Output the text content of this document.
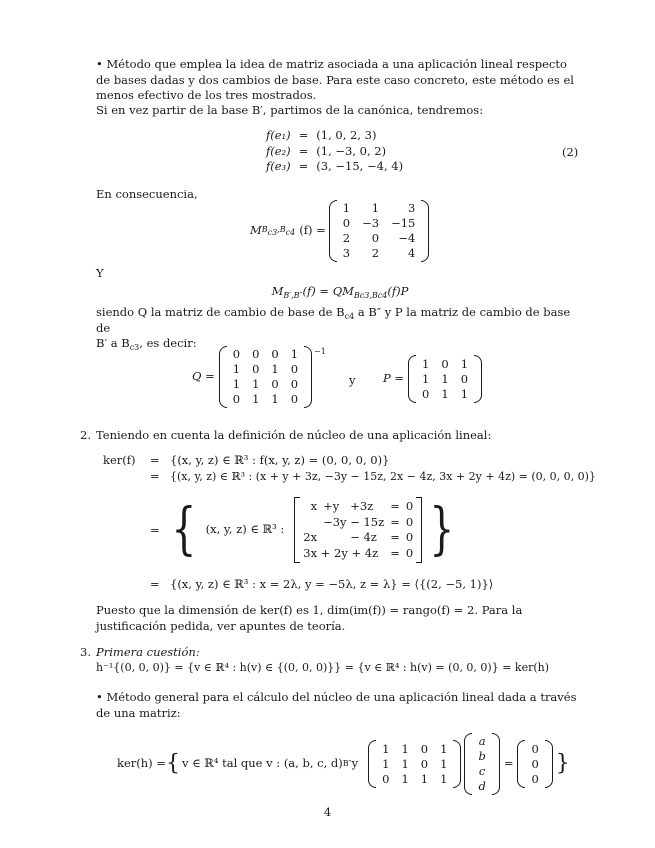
• Método que emplea la idea de matriz asociada a una aplicación lineal respecto de bases dadas y dos cambios de base. Para este caso concreto, este método es el menos efectivo de los tres mostrados.
Si en vez partir de la base B′, partimos de la canónica, tendremos:
f(e₁)	=	(1, 0, 2, 3)
f(e₂)	=	(1, −3, 0, 2)
f(e₃)	=	(3, −15, −4, 4)
(2)
En consecuencia,
M $B_{c3},B_{c4}$ (f) =
1	1	3
0	−3	−15
2	0	−4
3	2	4
Y
$M_{B',B''}(f) = QM_{Bc3,Bc4}(f)P$
siendo Q la matriz de cambio de base de $B_{c4}$ a B″ y P la matriz de cambio de base de
B′ a $B_{c3}$, es decir:
Q =
0	0	0	1
1	0	1	0
1	1	0	0
0	1	1	0
−1
y P =
1	0	1
1	1	0
0	1	1
2. Teniendo en cuenta la definición de núcleo de una aplicación lineal:
ker(f) = {(x, y, z) ∈ ℝ³ : f(x, y, z) = (0, 0, 0, 0)}
= {(x, y, z) ∈ ℝ³ : (x + y + 3z, −3y − 15z, 2x − 4z, 3x + 2y + 4z) = (0, 0, 0, 0)}
= { (x, y, z) ∈ ℝ³ :
x	+y	+3z	=	0
	−3y − 15z		=	0
2x		− 4z	=	0
3x + 2y + 4z			=	0 }
= {(x, y, z) ∈ ℝ³ : x = 2λ, y = −5λ, z = λ} = ⟨{(2, −5, 1)}⟩
Puesto que la dimensión de ker(f) es 1, dim(im(f)) = rango(f) = 2. Para la justificación pedida, ver apuntes de teoría.
3. Primera cuestión:
h⁻¹{(0, 0, 0)} = {v ∈ ℝ⁴ : h(v) ∈ {(0, 0, 0)}} = {v ∈ ℝ⁴ : h(v) = (0, 0, 0)} = ker(h)
• Método general para el cálculo del núcleo de una aplicación lineal dada a través de una matriz:
ker(h) = { v ∈ ℝ⁴ tal que v : (a, b, c, d) B″ y
1	1	0	1
1	1	0	1
0	1	1	1
a
b
c
d
=
0
0
0
}
4
